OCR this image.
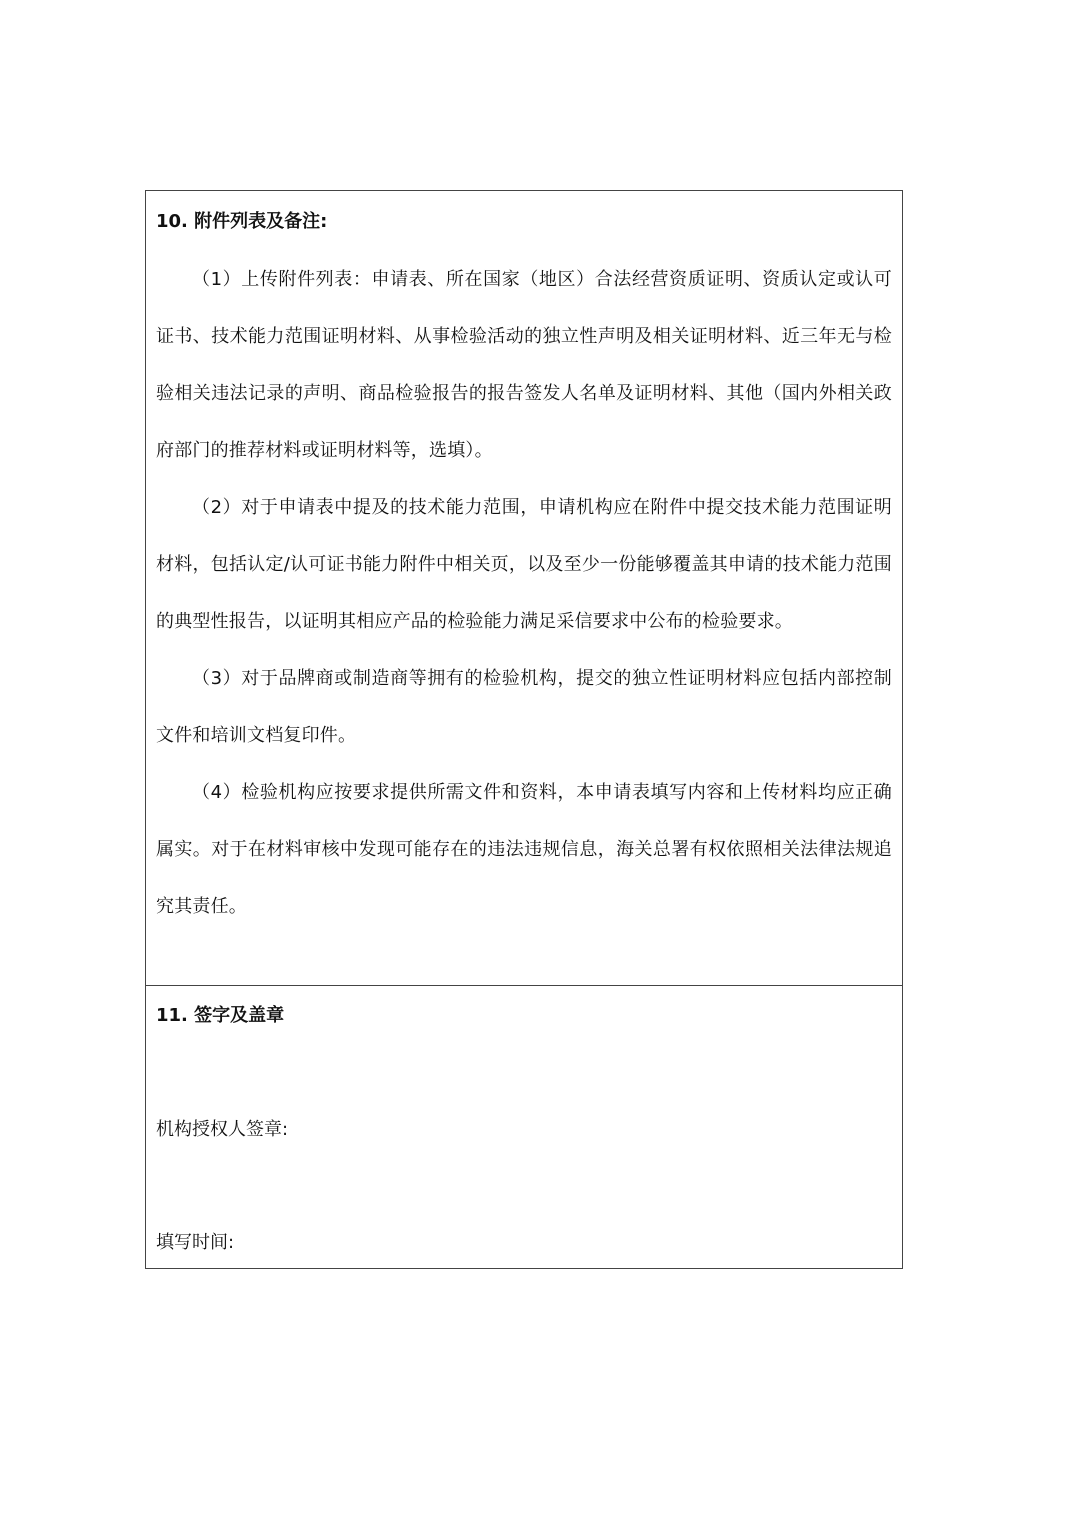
10. 附件列表及备注:

（1）上传附件列表：申请表、所在国家（地区）合法经营资质证明、资质认定或认可证书、技术能力范围证明材料、从事检验活动的独立性声明及相关证明材料、近三年无与检验相关违法记录的声明、商品检验报告的报告签发人名单及证明材料、其他（国内外相关政府部门的推荐材料或证明材料等，选填）。

（2）对于申请表中提及的技术能力范围，申请机构应在附件中提交技术能力范围证明材料，包括认定/认可证书能力附件中相关页，以及至少一份能够覆盖其申请的技术能力范围的典型性报告，以证明其相应产品的检验能力满足采信要求中公布的检验要求。

（3）对于品牌商或制造商等拥有的检验机构，提交的独立性证明材料应包括内部控制文件和培训文档复印件。

（4）检验机构应按要求提供所需文件和资料，本申请表填写内容和上传材料均应正确属实。对于在材料审核中发现可能存在的违法违规信息，海关总署有权依照相关法律法规追究其责任。

11. 签字及盖章

机构授权人签章:

填写时间:
